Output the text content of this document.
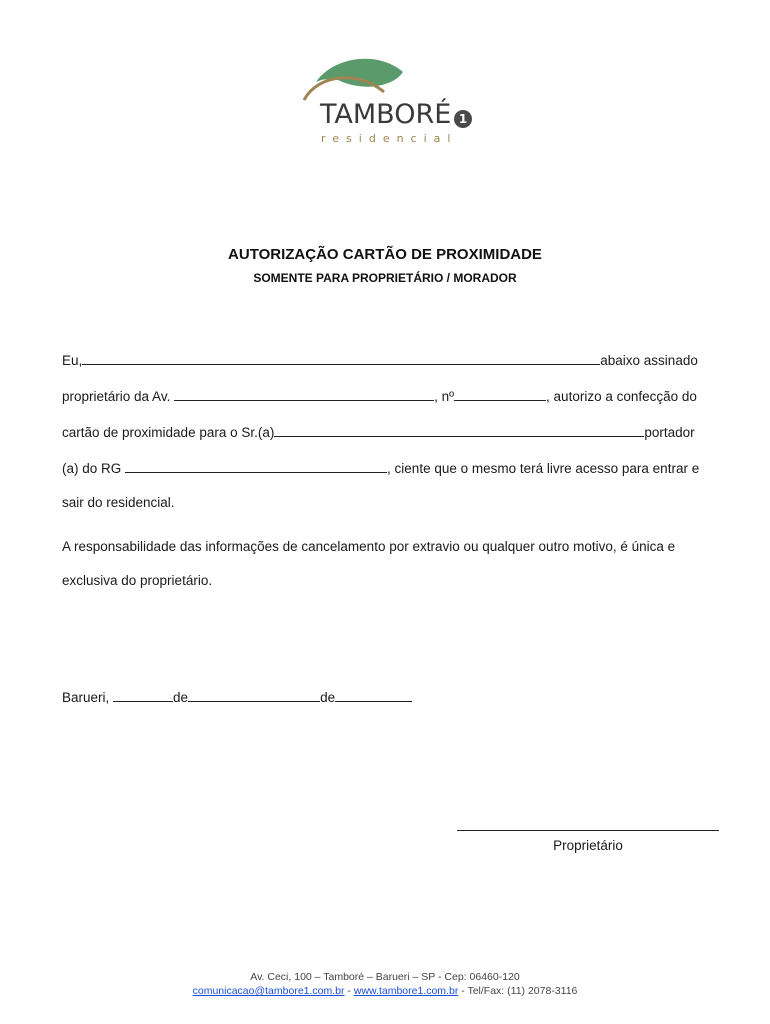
TAMBORÉ 1
residencial
AUTORIZAÇÃO CARTÃO DE PROXIMIDADE
SOMENTE PARA PROPRIETÁRIO / MORADOR
Eu,	abaixo assinado
proprietário da Av.	, nº	, autorizo a confecção do
cartão de proximidade para o Sr.(a)	portador
(a) do RG	, ciente que o mesmo terá livre acesso para entrar e
sair do residencial.
A responsabilidade das informações de cancelamento por extravio ou qualquer outro motivo, é única e
exclusiva do proprietário.
Barueri,	de	de
Proprietário
Av. Ceci, 100 – Tamboré – Barueri – SP - Cep: 06460-120
comunicacao@tambore1.com.br - www.tambore1.com.br - Tel/Fax: (11) 2078-3116
